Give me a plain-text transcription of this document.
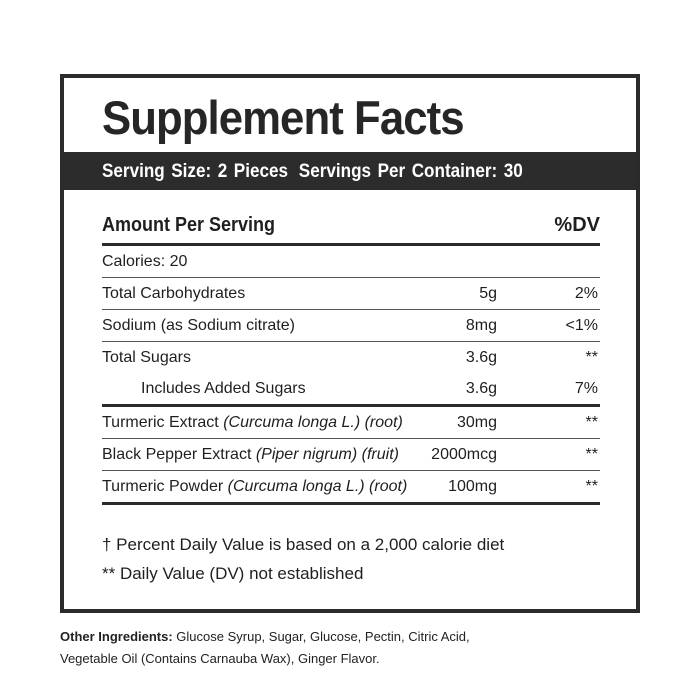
Supplement Facts
Serving Size: 2 Pieces Servings Per Container: 30
Amount Per Serving	%DV
Calories: 20
Total Carbohydrates	5g	2%
Sodium (as Sodium citrate)	8mg	<1%
Total Sugars	3.6g	**
Includes Added Sugars	3.6g	7%
Turmeric Extract (Curcuma longa L.) (root)	30mg	**
Black Pepper Extract (Piper nigrum) (fruit) 2000mcg	**
Turmeric Powder (Curcuma longa L.) (root)	100mg	**
† Percent Daily Value is based on a 2,000 calorie diet
** Daily Value (DV) not established
Other Ingredients: Glucose Syrup, Sugar, Glucose, Pectin, Citric Acid, Vegetable Oil (Contains Carnauba Wax), Ginger Flavor.
